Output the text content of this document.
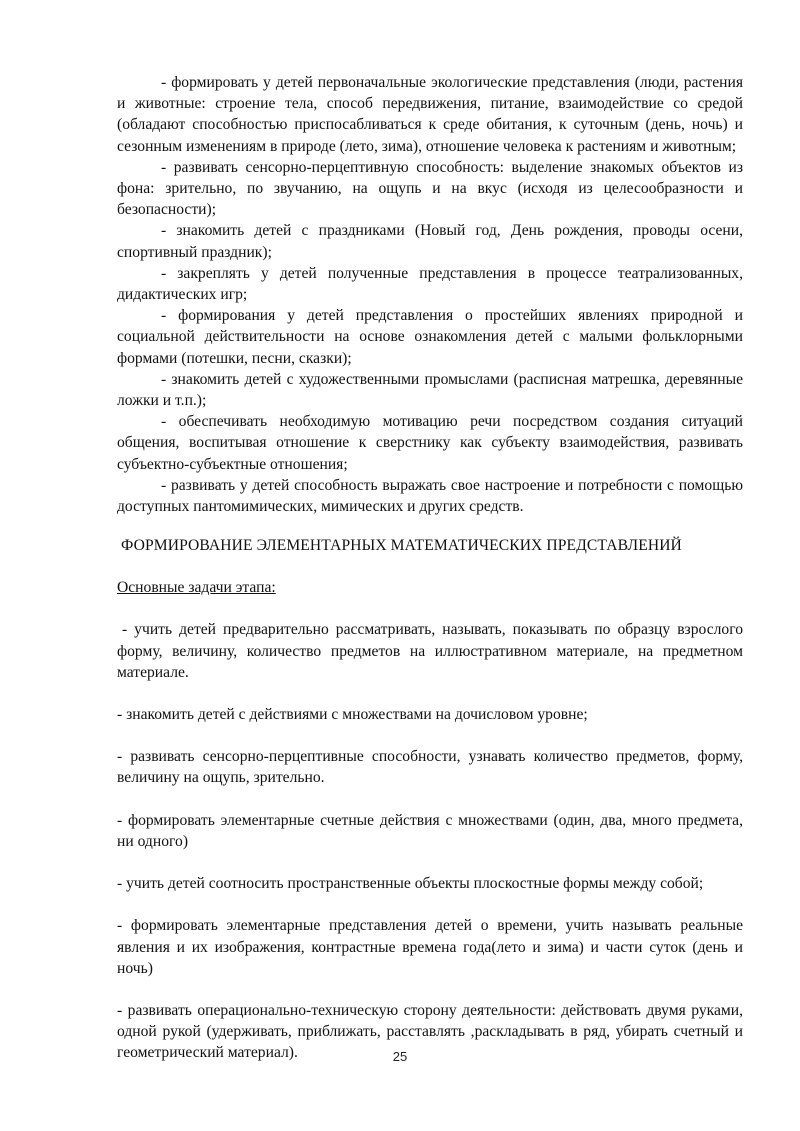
- формировать у детей первоначальные экологические представления (люди, растения и животные: строение тела, способ передвижения, питание, взаимодействие со средой (обладают способностью приспосабливаться к среде обитания, к суточным (день, ночь) и сезонным изменениям в природе (лето, зима), отношение человека к растениям и животным;

- развивать сенсорно-перцептивную способность: выделение знакомых объектов из фона: зрительно, по звучанию, на ощупь и на вкус (исходя из целесообразности и безопасности);

- знакомить детей с праздниками (Новый год, День рождения, проводы осени, спортивный праздник);

- закреплять у детей полученные представления в процессе театрализованных, дидактических игр;

- формирования у детей представления о простейших явлениях природной и социальной действительности на основе ознакомления детей с малыми фольклорными формами (потешки, песни, сказки);

- знакомить детей с художественными промыслами (расписная матрешка, деревянные ложки и т.п.);

- обеспечивать необходимую мотивацию речи посредством создания ситуаций общения, воспитывая отношение к сверстнику как субъекту взаимодействия, развивать субъектно-субъектные отношения;

- развивать у детей способность выражать свое настроение и потребности с помощью доступных пантомимических, мимических и других средств.

ФОРМИРОВАНИЕ ЭЛЕМЕНТАРНЫХ МАТЕМАТИЧЕСКИХ ПРЕДСТАВЛЕНИЙ

Основные задачи этапа:

- учить детей предварительно рассматривать, называть, показывать по образцу взрослого форму, величину, количество предметов на иллюстративном материале, на предметном материале.

- знакомить детей с действиями с множествами на дочисловом уровне;

- развивать сенсорно-перцептивные способности, узнавать количество предметов, форму, величину на ощупь, зрительно.

- формировать элементарные счетные действия с множествами (один, два, много предмета, ни одного)

- учить детей соотносить пространственные объекты плоскостные формы между собой;

- формировать элементарные представления детей о времени, учить называть реальные явления и их изображения, контрастные времена года(лето и зима) и части суток (день и ночь)

- развивать операционально-техническую сторону деятельности: действовать двумя руками, одной рукой (удерживать, приближать, расставлять ,раскладывать в ряд, убирать счетный и геометрический материал).	25
